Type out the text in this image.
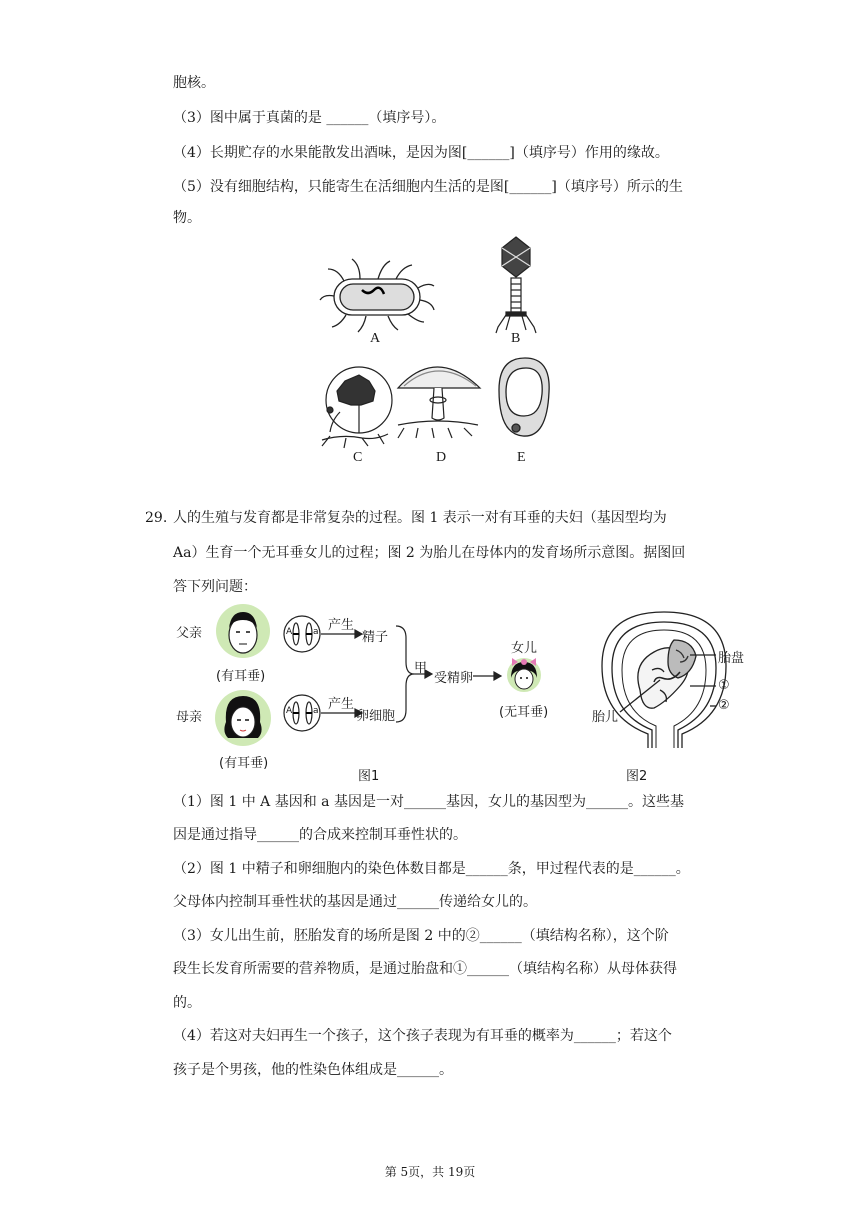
胞核。
（3）图中属于真菌的是 ______（填序号）。
（4）长期贮存的水果能散发出酒味，是因为图[______]（填序号）作用的缘故。
（5）没有细胞结构，只能寄生在活细胞内生活的是图[______]（填序号）所示的生
物。
A	B
C	D	E
29. 人的生殖与发育都是非常复杂的过程。图 1 表示一对有耳垂的夫妇（基因型均为
Aa）生育一个无耳垂女儿的过程；图 2 为胎儿在母体内的发育场所示意图。据图回
答下列问题：
父亲
母亲
(有耳垂)
(有耳垂)
A a
A a
产生
产生
精子
卵细胞
甲
受精卵
女儿
(无耳垂)
图1
胎盘
①
②
胎儿
图2
（1）图 1 中 A 基因和 a 基因是一对______基因，女儿的基因型为______。这些基
因是通过指导______的合成来控制耳垂性状的。
（2）图 1 中精子和卵细胞内的染色体数目都是______条，甲过程代表的是______。
父母体内控制耳垂性状的基因是通过______传递给女儿的。
（3）女儿出生前，胚胎发育的场所是图 2 中的②______（填结构名称），这个阶
段生长发育所需要的营养物质，是通过胎盘和①______（填结构名称）从母体获得
的。
（4）若这对夫妇再生一个孩子，这个孩子表现为有耳垂的概率为______；若这个
孩子是个男孩，他的性染色体组成是______。
第 5页，共 19页
